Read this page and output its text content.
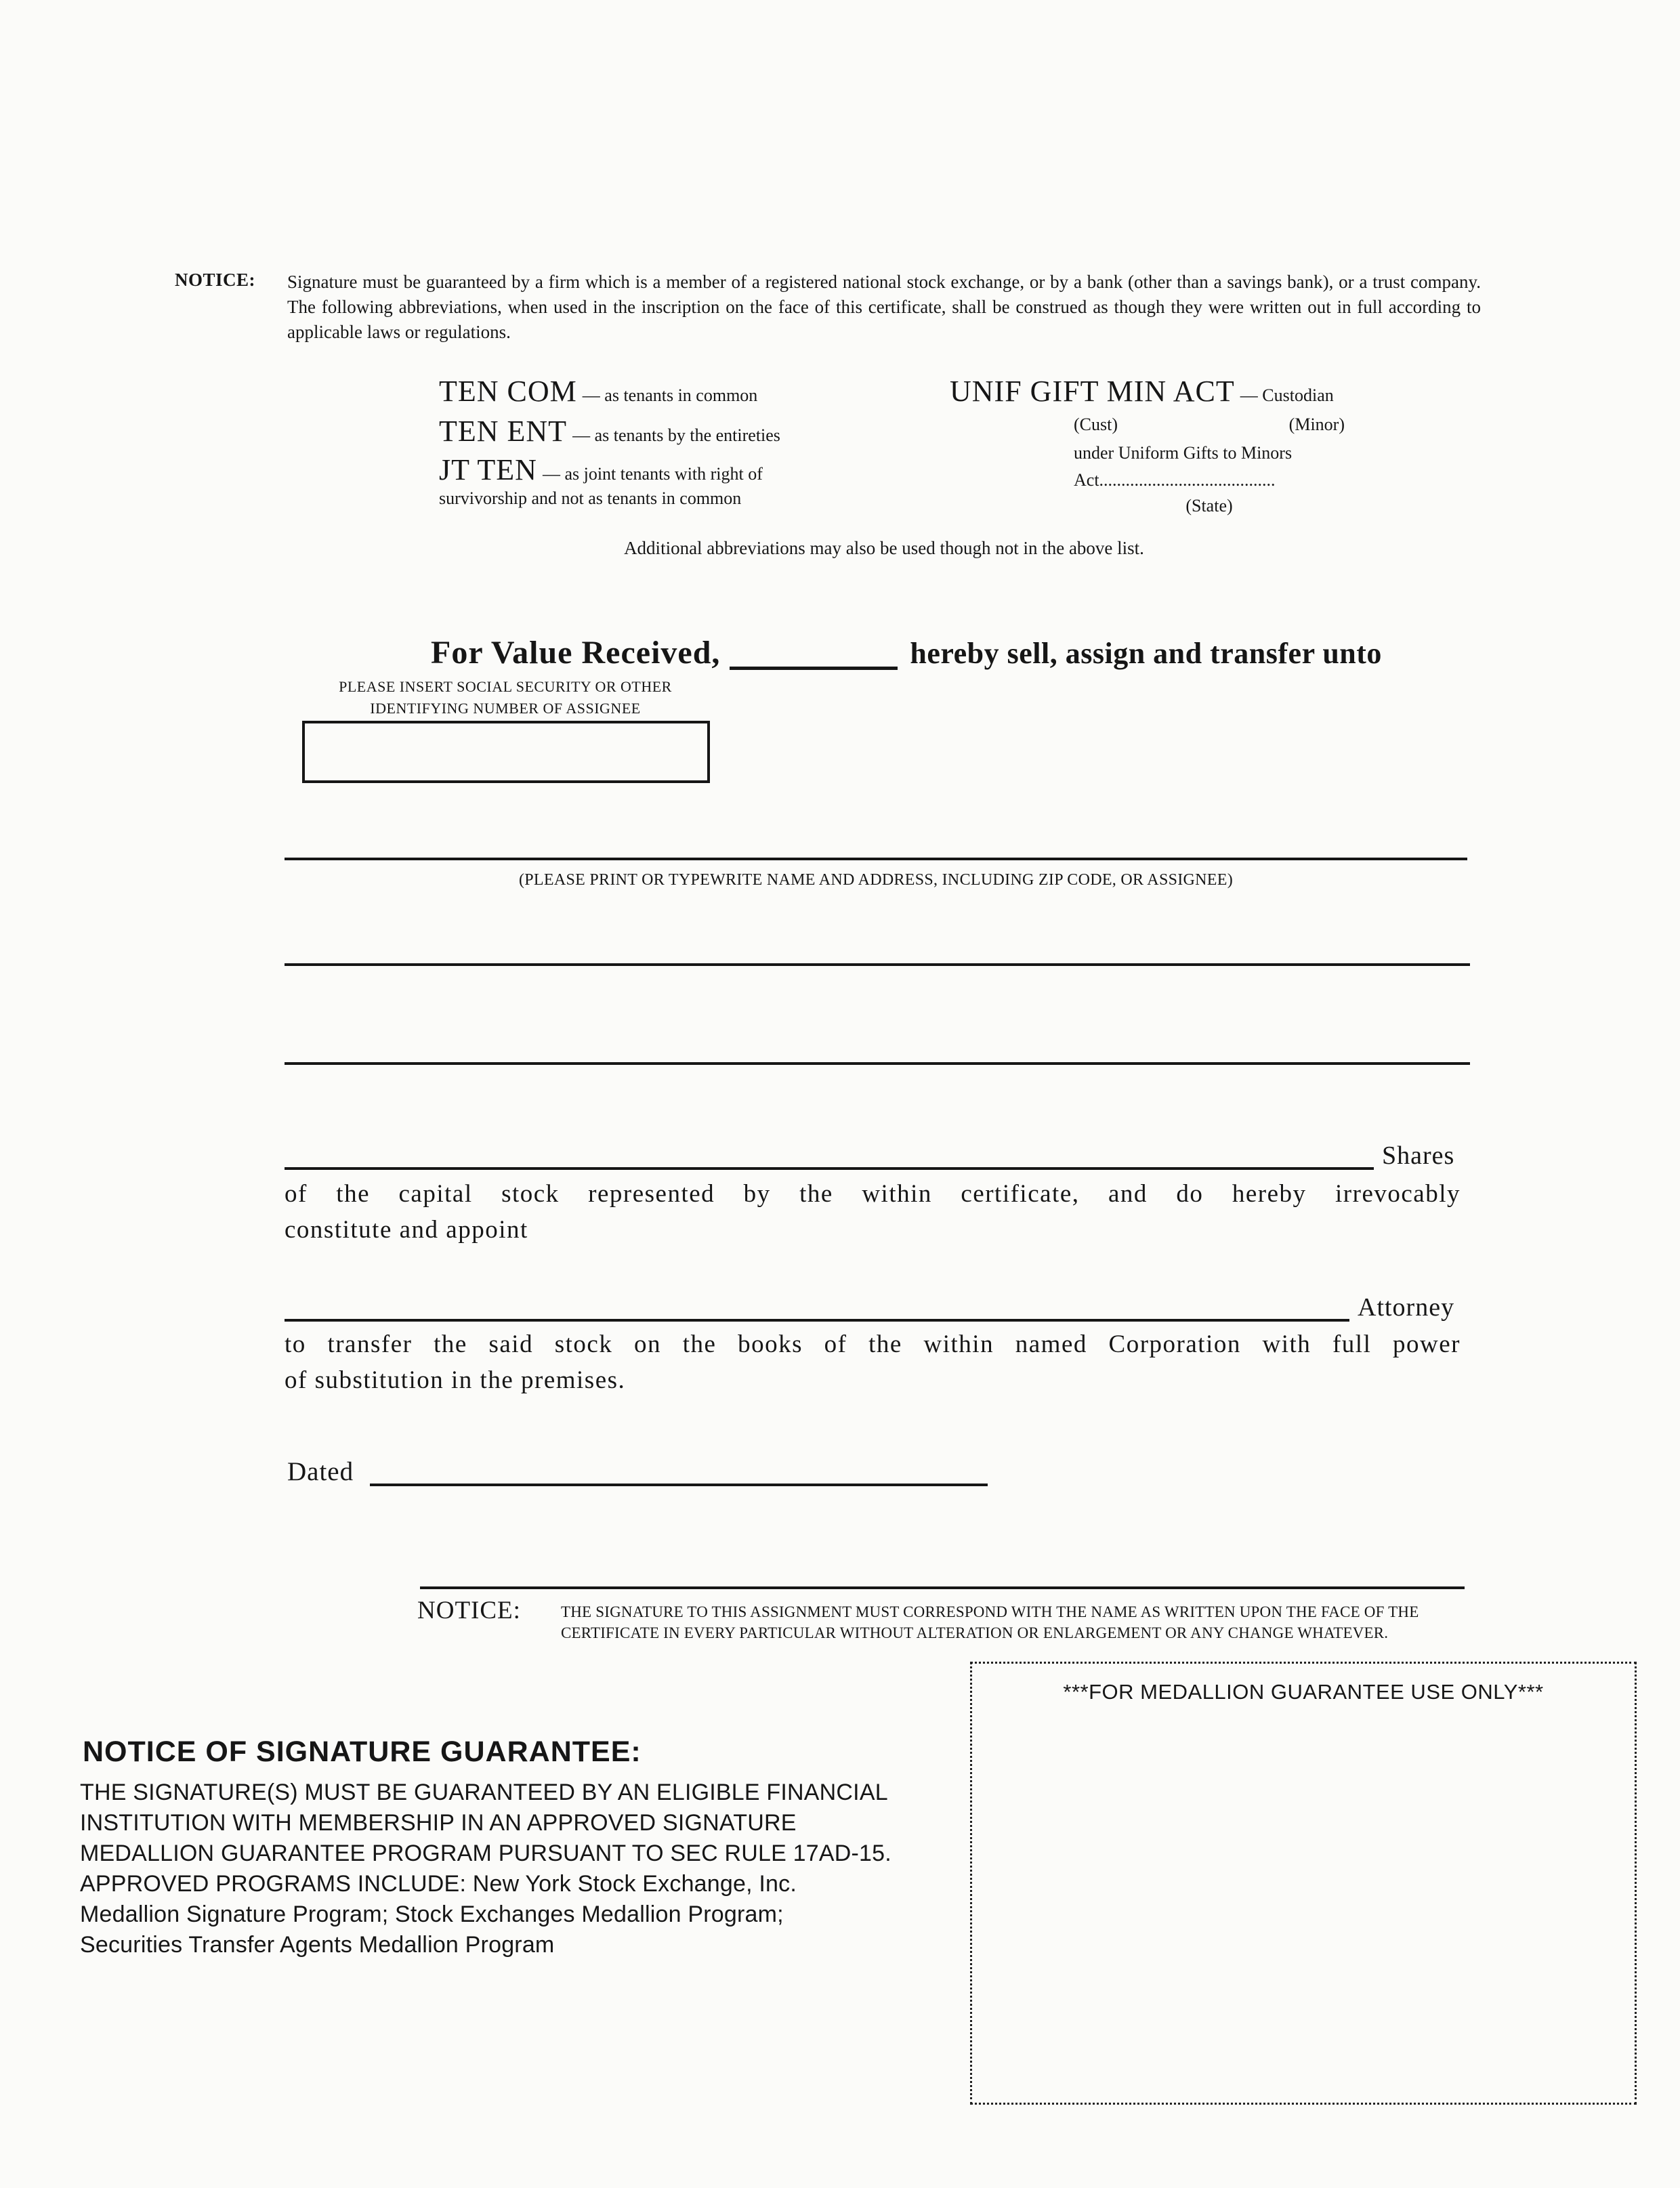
NOTICE: Signature must be guaranteed by a firm which is a member of a registered national stock exchange, or by a bank (other than a savings bank), or a trust company. The following abbreviations, when used in the inscription on the face of this certificate, shall be construed as though they were written out in full according to applicable laws or regulations.
TEN COM — as tenants in common
TEN ENT — as tenants by the entireties
JT TEN — as joint tenants with right of
survivorship and not as tenants in common
UNIF GIFT MIN ACT — Custodian
(Cust)	(Minor)
under Uniform Gifts to Minors
Act........................................
(State)
Additional abbreviations may also be used though not in the above list.
For Value Received,	hereby sell, assign and transfer unto
PLEASE INSERT SOCIAL SECURITY OR OTHER
IDENTIFYING NUMBER OF ASSIGNEE
(PLEASE PRINT OR TYPEWRITE NAME AND ADDRESS, INCLUDING ZIP CODE, OR ASSIGNEE)
Shares
of the capital stock represented by the within certificate, and do hereby irrevocably
constitute and appoint
Attorney
to transfer the said stock on the books of the within named Corporation with full power
of substitution in the premises.
Dated
NOTICE:	THE SIGNATURE TO THIS ASSIGNMENT MUST CORRESPOND WITH THE NAME AS WRITTEN UPON THE FACE OF THE
CERTIFICATE IN EVERY PARTICULAR WITHOUT ALTERATION OR ENLARGEMENT OR ANY CHANGE WHATEVER.
***FOR MEDALLION GUARANTEE USE ONLY***
NOTICE OF SIGNATURE GUARANTEE:
THE SIGNATURE(S) MUST BE GUARANTEED BY AN ELIGIBLE FINANCIAL
INSTITUTION WITH MEMBERSHIP IN AN APPROVED SIGNATURE
MEDALLION GUARANTEE PROGRAM PURSUANT TO SEC RULE 17AD-15.
APPROVED PROGRAMS INCLUDE: New York Stock Exchange, Inc.
Medallion Signature Program; Stock Exchanges Medallion Program;
Securities Transfer Agents Medallion Program
